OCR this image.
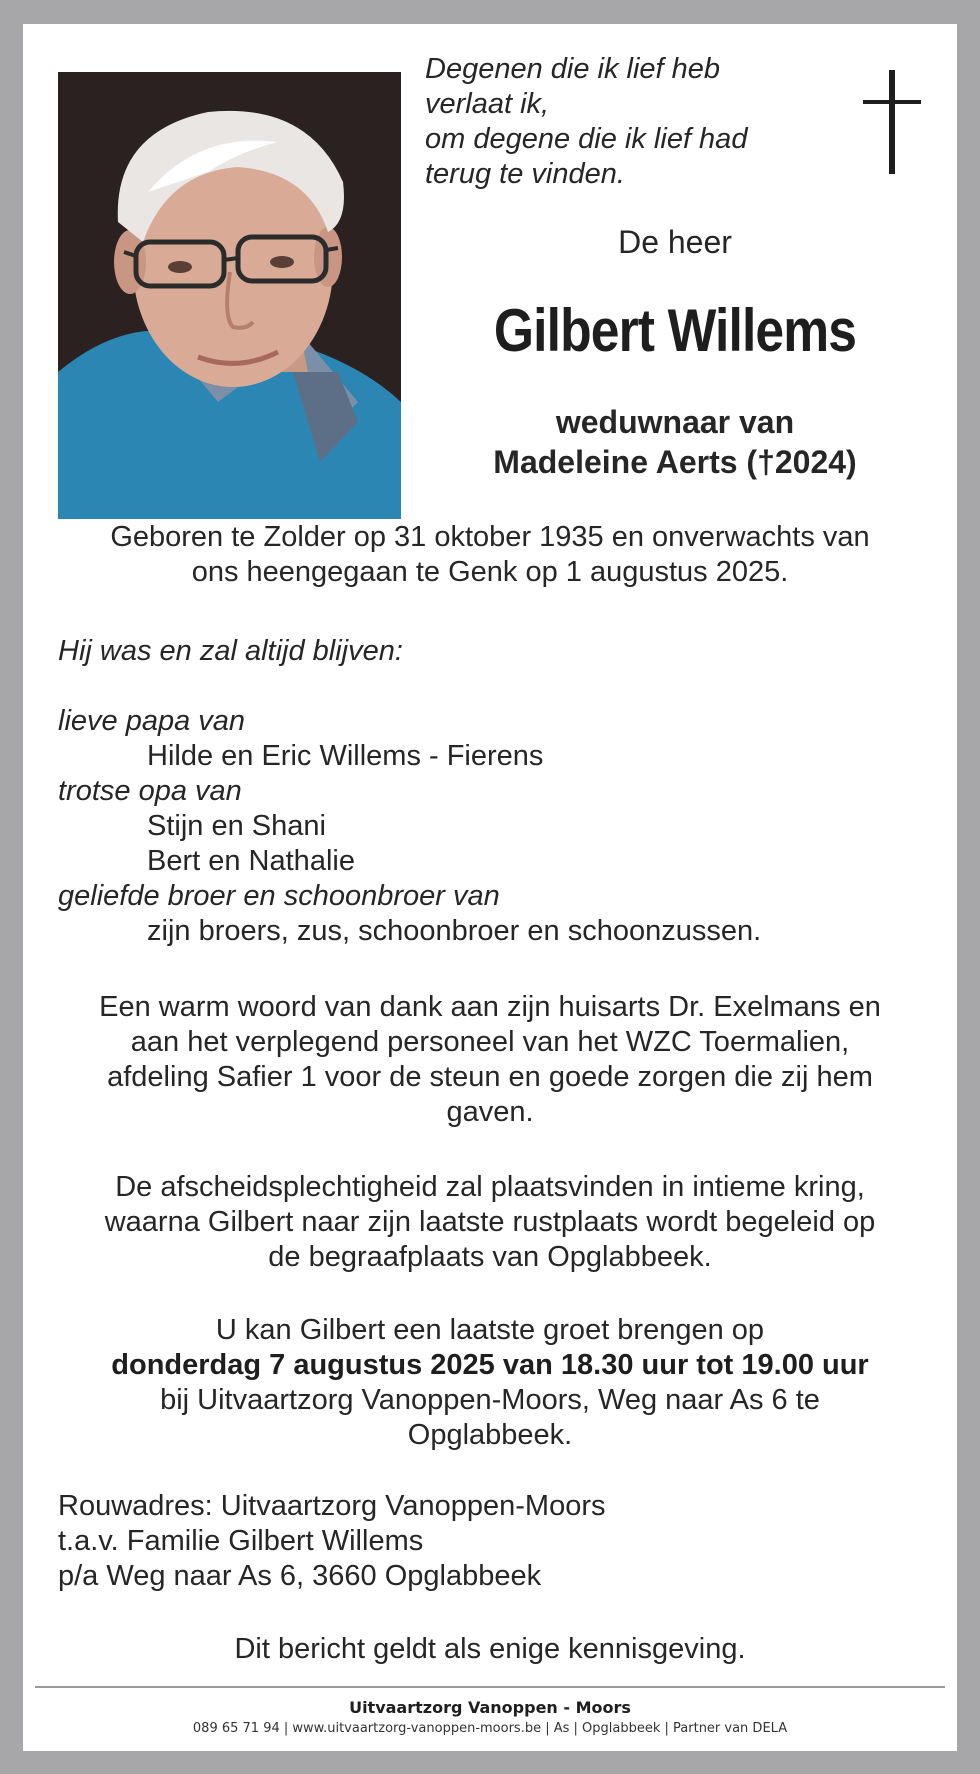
Degenen die ik lief heb
verlaat ik,
om degene die ik lief had
terug te vinden.
De heer
Gilbert Willems
weduwnaar van
Madeleine Aerts (†2024)
Geboren te Zolder op 31 oktober 1935 en onverwachts van
ons heengegaan te Genk op 1 augustus 2025.
Hij was en zal altijd blijven:
lieve papa van
Hilde en Eric Willems - Fierens
trotse opa van
Stijn en Shani
Bert en Nathalie
geliefde broer en schoonbroer van
zijn broers, zus, schoonbroer en schoonzussen.
Een warm woord van dank aan zijn huisarts Dr. Exelmans en
aan het verplegend personeel van het WZC Toermalien,
afdeling Safier 1 voor de steun en goede zorgen die zij hem
gaven.
De afscheidsplechtigheid zal plaatsvinden in intieme kring,
waarna Gilbert naar zijn laatste rustplaats wordt begeleid op
de begraafplaats van Opglabbeek.
U kan Gilbert een laatste groet brengen op
donderdag 7 augustus 2025 van 18.30 uur tot 19.00 uur
bij Uitvaartzorg Vanoppen-Moors, Weg naar As 6 te
Opglabbeek.
Rouwadres: Uitvaartzorg Vanoppen-Moors
t.a.v. Familie Gilbert Willems
p/a Weg naar As 6, 3660 Opglabbeek
Dit bericht geldt als enige kennisgeving.
Uitvaartzorg Vanoppen - Moors
089 65 71 94 | www.uitvaartzorg-vanoppen-moors.be | As | Opglabbeek | Partner van DELA
